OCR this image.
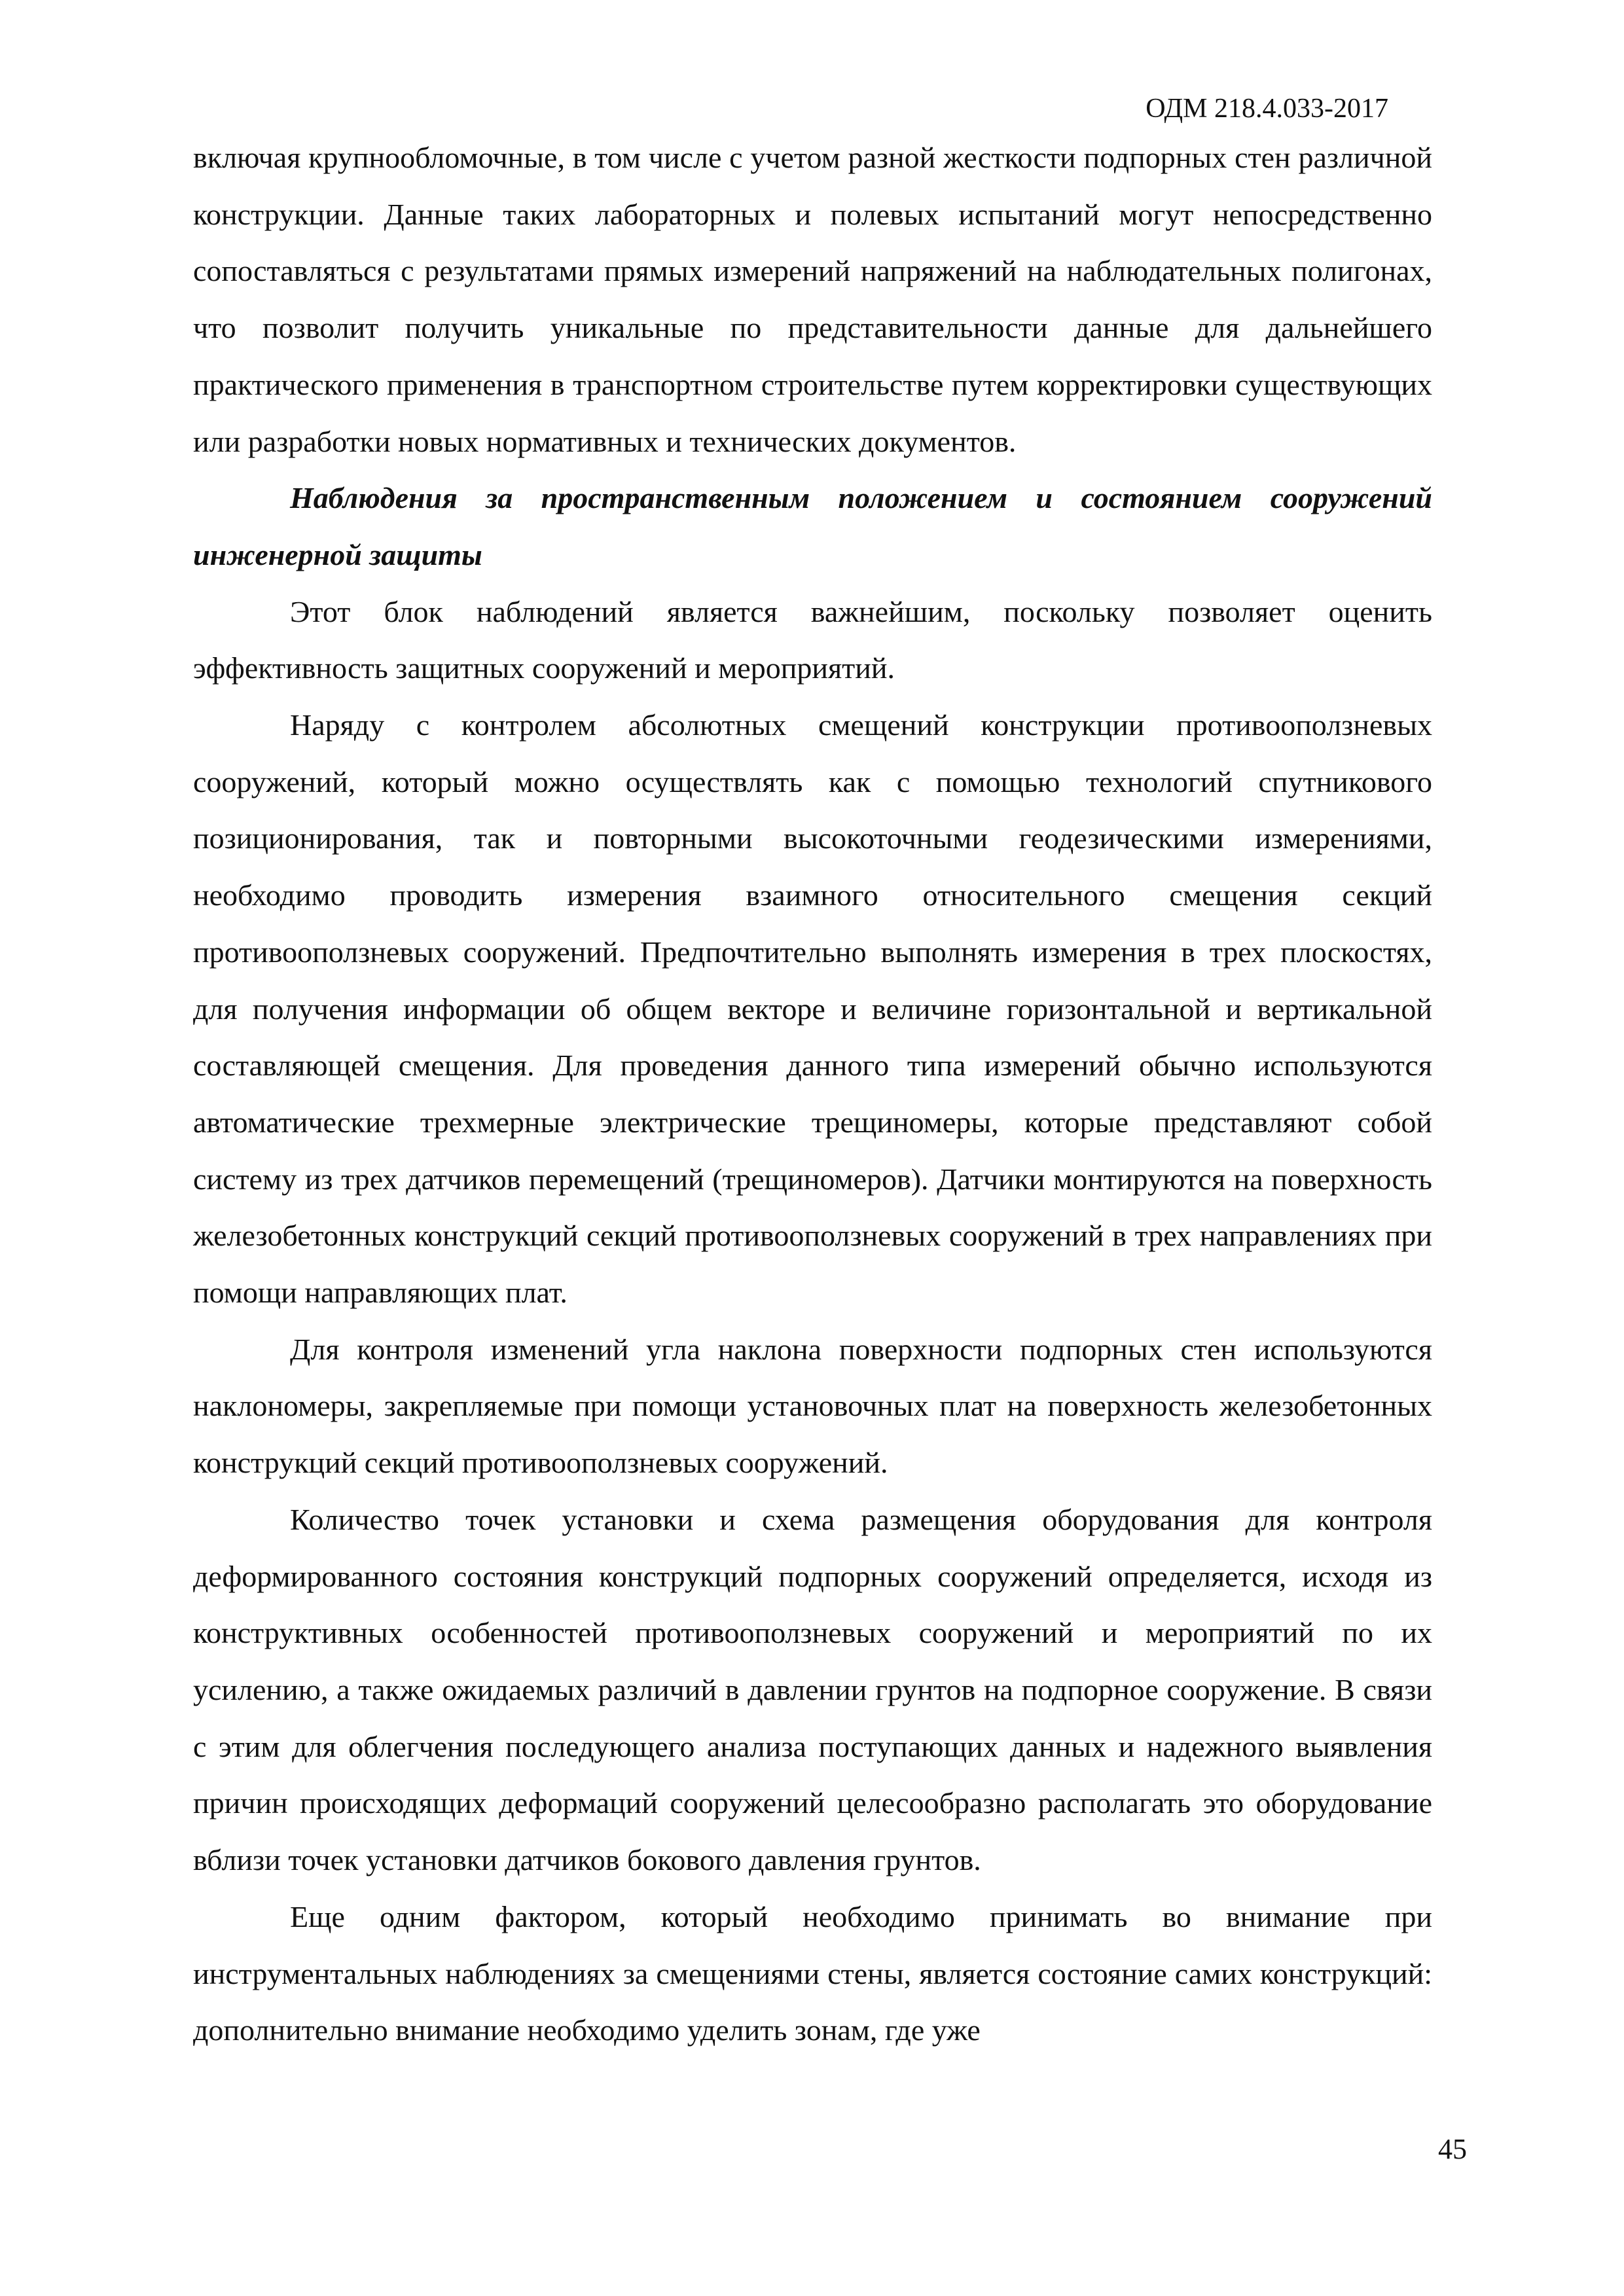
ОДМ 218.4.033-2017

включая крупнообломочные, в том числе с учетом разной жесткости подпорных стен различной конструкции. Данные таких лабораторных и полевых испытаний могут непосредственно сопоставляться с результатами прямых измерений напряжений на наблюдательных полигонах, что позволит получить уникальные по представительности данные для дальнейшего практического применения в транспортном строительстве путем корректировки существующих или разработки новых нормативных и технических документов.

Наблюдения за пространственным положением и состоянием сооружений инженерной защиты

Этот блок наблюдений является важнейшим, поскольку позволяет оценить эффективность защитных сооружений и мероприятий.

Наряду с контролем абсолютных смещений конструкции противооползневых сооружений, который можно осуществлять как с помощью технологий спутникового позиционирования, так и повторными высокоточными геодезическими измерениями, необходимо проводить измерения взаимного относительного смещения секций противооползневых сооружений. Предпочтительно выполнять измерения в трех плоскостях, для получения информации об общем векторе и величине горизонтальной и вертикальной составляющей смещения. Для проведения данного типа измерений обычно используются автоматические трехмерные электрические трещиномеры, которые представляют собой систему из трех датчиков перемещений (трещиномеров). Датчики монтируются на поверхность железобетонных конструкций секций противооползневых сооружений в трех направлениях при помощи направляющих плат.

Для контроля изменений угла наклона поверхности подпорных стен используются наклономеры, закрепляемые при помощи установочных плат на поверхность железобетонных конструкций секций противооползневых сооружений.

Количество точек установки и схема размещения оборудования для контроля деформированного состояния конструкций подпорных сооружений определяется, исходя из конструктивных особенностей противооползневых сооружений и мероприятий по их усилению, а также ожидаемых различий в давлении грунтов на подпорное сооружение. В связи с этим для облегчения последующего анализа поступающих данных и надежного выявления причин происходящих деформаций сооружений целесообразно располагать это оборудование вблизи точек установки датчиков бокового давления грунтов.

Еще одним фактором, который необходимо принимать во внимание при инструментальных наблюдениях за смещениями стены, является состояние самих конструкций: дополнительно внимание необходимо уделить зонам, где уже

45
